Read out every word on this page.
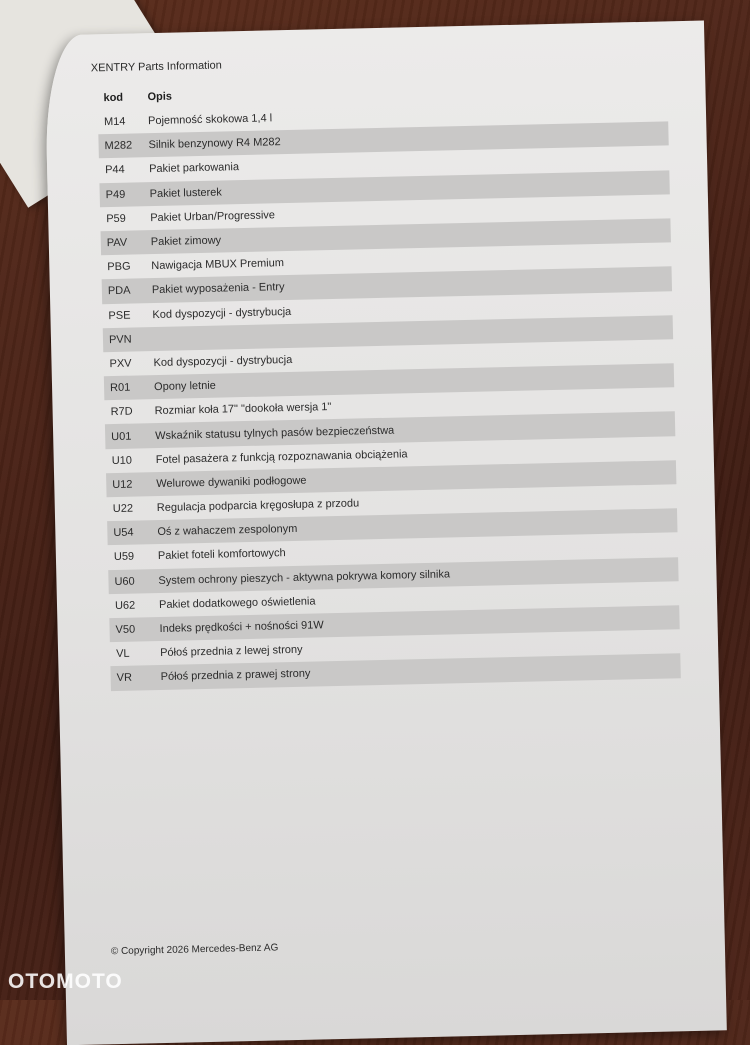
XENTRY Parts Information
kod	Opis
M14	Pojemność skokowa 1,4 l
M282	Silnik benzynowy R4 M282
P44	Pakiet parkowania
P49	Pakiet lusterek
P59	Pakiet Urban/Progressive
PAV	Pakiet zimowy
PBG	Nawigacja MBUX Premium
PDA	Pakiet wyposażenia - Entry
PSE	Kod dyspozycji - dystrybucja
PVN
PXV	Kod dyspozycji - dystrybucja
R01	Opony letnie
R7D	Rozmiar koła 17" "dookoła wersja 1"
U01	Wskaźnik statusu tylnych pasów bezpieczeństwa
U10	Fotel pasażera z funkcją rozpoznawania obciążenia
U12	Welurowe dywaniki podłogowe
U22	Regulacja podparcia kręgosłupa z przodu
U54	Oś z wahaczem zespolonym
U59	Pakiet foteli komfortowych
U60	System ochrony pieszych - aktywna pokrywa komory silnika
U62	Pakiet dodatkowego oświetlenia
V50	Indeks prędkości + nośności 91W
VL	Półoś przednia z lewej strony
VR	Półoś przednia z prawej strony
© Copyright 2026 Mercedes-Benz AG
OTOMOTO
